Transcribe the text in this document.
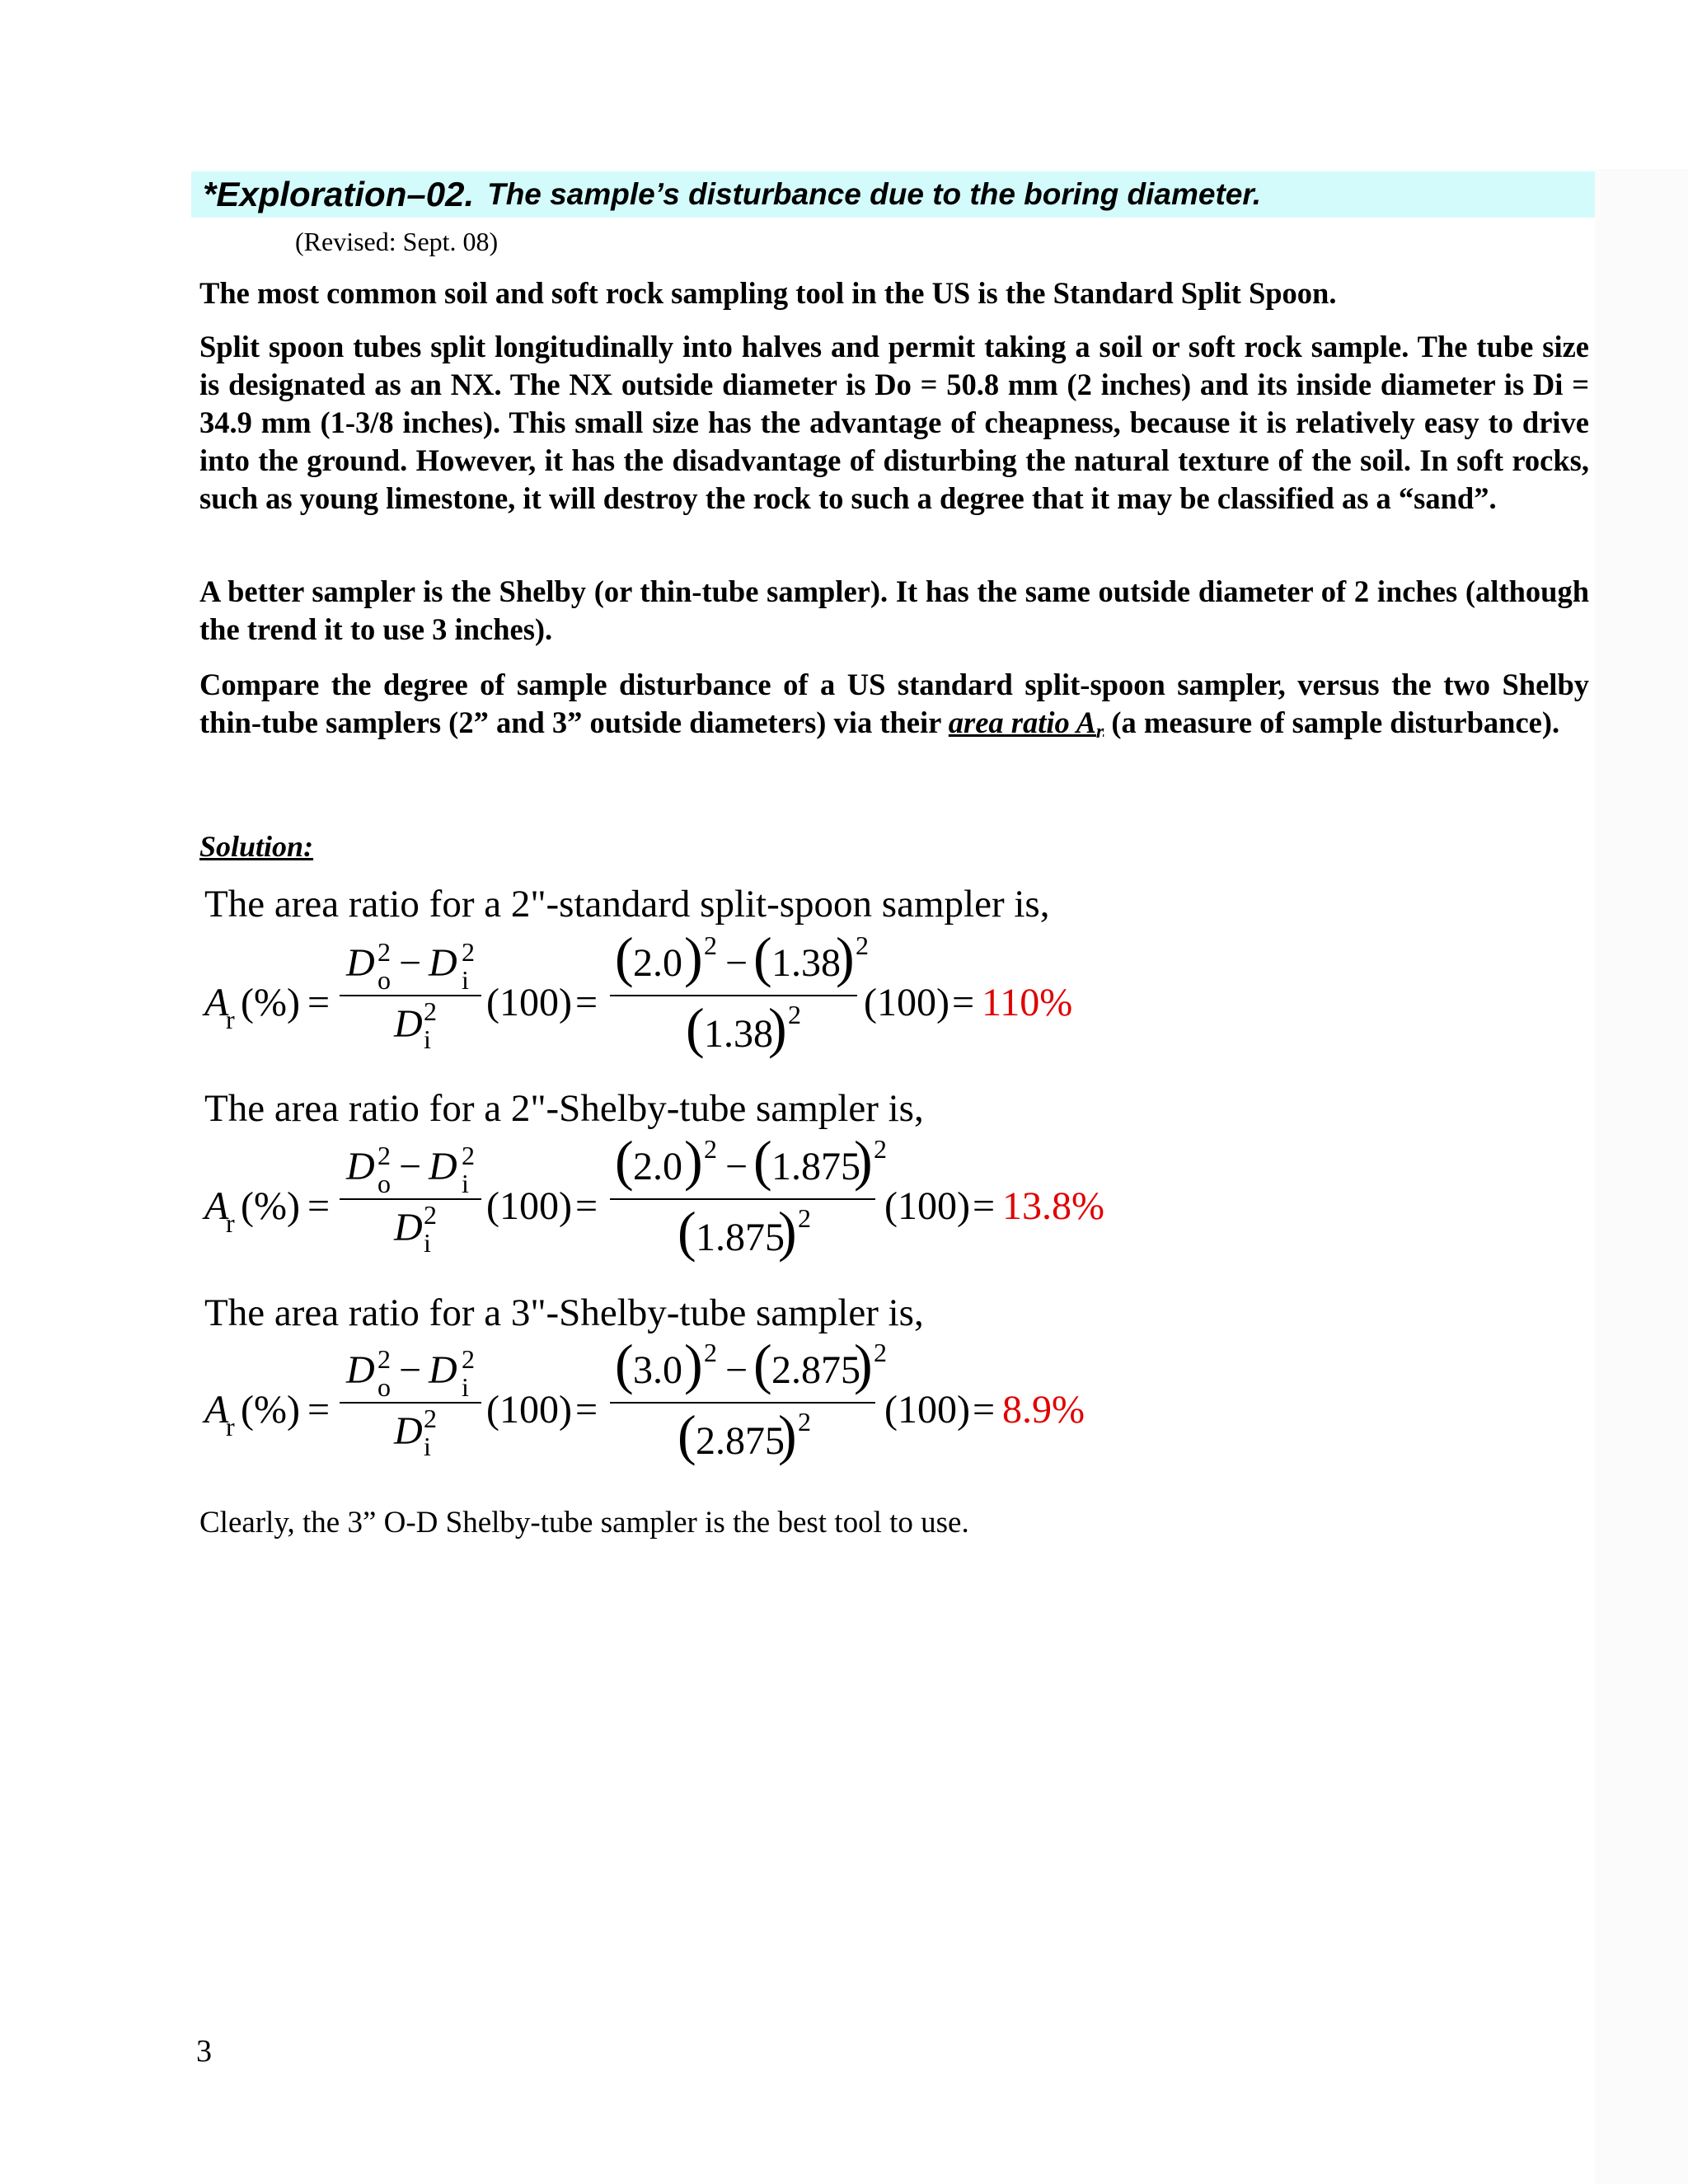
*Exploration–02. The sample’s disturbance due to the boring diameter.
(Revised: Sept. 08)
The most common soil and soft rock sampling tool in the US is the Standard Split Spoon.
Split spoon tubes split longitudinally into halves and permit taking a soil or soft rock sample. The tube size is designated as an NX. The NX outside diameter is Do = 50.8 mm (2 inches) and its inside diameter is Di = 34.9 mm (1-3/8 inches). This small size has the advantage of cheapness, because it is relatively easy to drive into the ground. However, it has the disadvantage of disturbing the natural texture of the soil. In soft rocks, such as young limestone, it will destroy the rock to such a degree that it may be classified as a “sand”.
A better sampler is the Shelby (or thin-tube sampler). It has the same outside diameter of 2 inches (although the trend it to use 3 inches).
Compare the degree of sample disturbance of a US standard split-spoon sampler, versus the two Shelby thin-tube samplers (2” and 3” outside diameters) via their area ratio $A_r$ (a measure of sample disturbance).
Solution:
The area ratio for a 2"-standard split-spoon sampler is,
A
r (%) =
D 2
o − D 2
i
D 2
i
(100) =
( 2.0 ) 2 − ( 1.38
) 2
( 1.38
) 2 (100) = 110%
The area ratio for a 2"-Shelby-tube sampler is,
A
r (%) =
D 2
o − D 2
i
D 2
i
(100) =
( 2.0 ) 2 − ( 1.875
) 2
( 1.875
) 2 (100) = 13.8%
The area ratio for a 3"-Shelby-tube sampler is,
A
r (%) =
D 2
o − D 2
i
D 2
i
(100) =
( 3.0 ) 2 − ( 2.875
) 2
( 2.875
) 2 (100) = 8.9%
Clearly, the 3” O-D Shelby-tube sampler is the best tool to use.
3
